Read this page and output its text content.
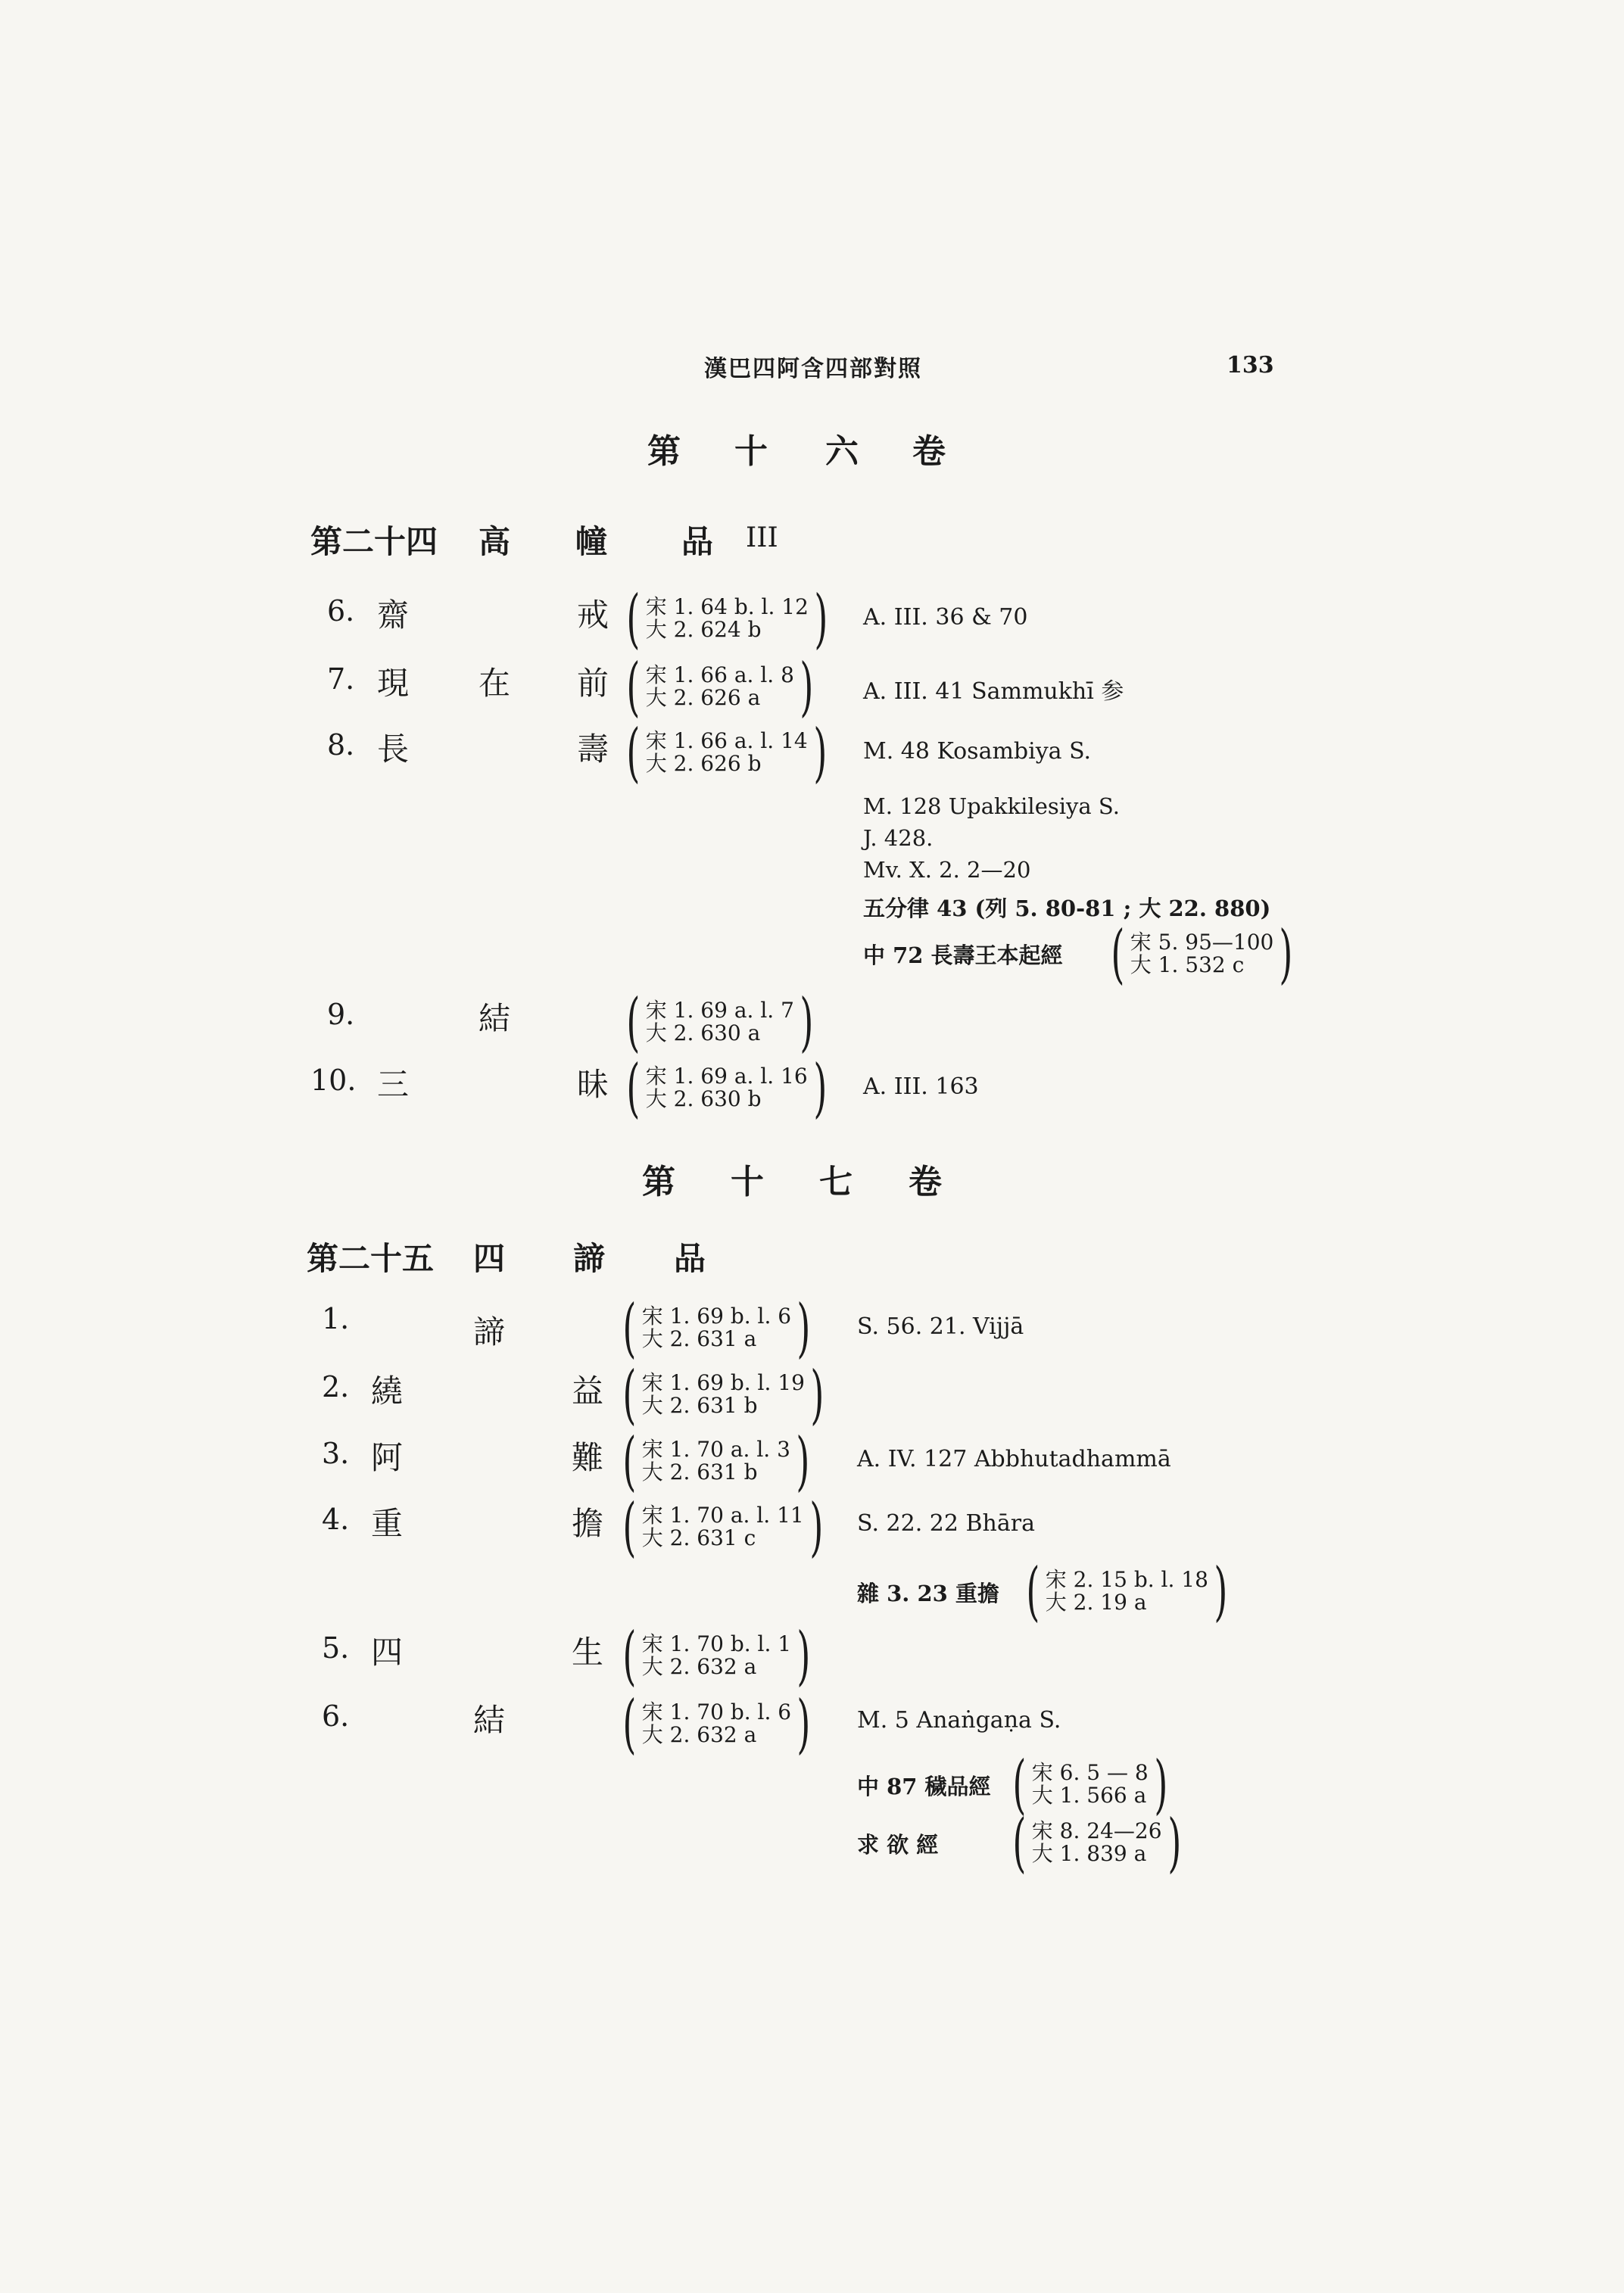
漢巴四阿含四部對照	133
第 十 六 卷
第二十四 高 幢 品 III
6. 齋	戒 ( 宋 1. 64 b. l. 12
大 2. 624 b ) A. III. 36 & 70
7. 現 在 前 ( 宋 1. 66 a. l. 8
大 2. 626 a ) A. III. 41 Sammukhī 参
8. 長	壽 ( 宋 1. 66 a. l. 14
大 2. 626 b ) M. 48 Kosambiya S.
M. 128 Upakkilesiya S.
J. 428.
Mv. X. 2. 2—20
五分律 43 (列 5. 80-81 ; 大 22. 880)
中 72 長壽王本起經 ( 宋 5. 95—100
大 1. 532 c )
9.	結 ( 宋 1. 69 a. l. 7
大 2. 630 a )
10. 三	昧 ( 宋 1. 69 a. l. 16
大 2. 630 b ) A. III. 163
第 十 七 卷
第二十五 四 諦 品
1.	諦 ( 宋 1. 69 b. l. 6
大 2. 631 a ) S. 56. 21. Vijjā
2. 繞	益 ( 宋 1. 69 b. l. 19
大 2. 631 b )
3. 阿	難 ( 宋 1. 70 a. l. 3
大 2. 631 b ) A. IV. 127 Abbhutadhammā
4. 重	擔 ( 宋 1. 70 a. l. 11
大 2. 631 c ) S. 22. 22 Bhāra
雜 3. 23 重擔 ( 宋 2. 15 b. l. 18
大 2. 19 a	)
5. 四	生 ( 宋 1. 70 b. l. 1
大 2. 632 a )
6.	結 ( 宋 1. 70 b. l. 6
大 2. 632 a ) M. 5 Anaṅgaṇa S.
中 87 穢品經 ( 宋 6. 5 — 8
大 1. 566 a )
求 欲 經 ( 宋 8. 24—26
大 1. 839 a )
